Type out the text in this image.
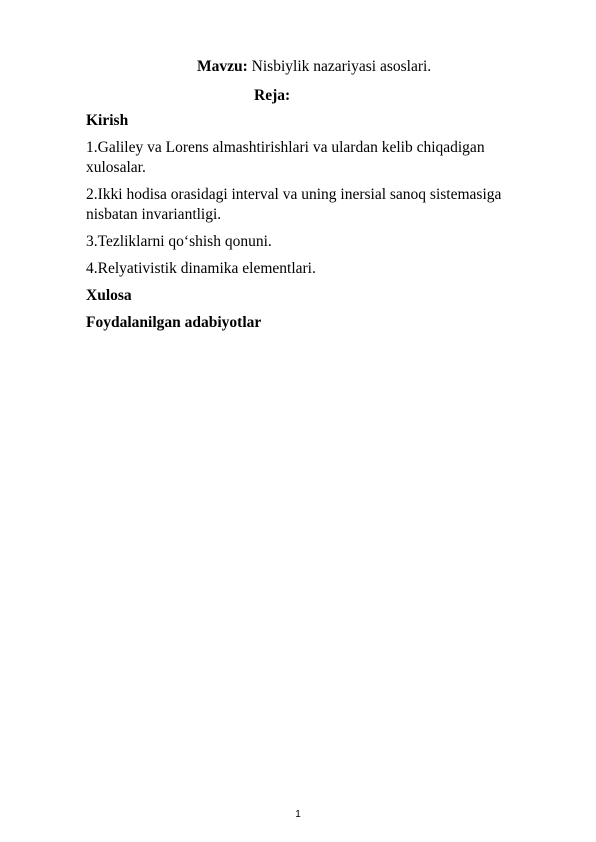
Mavzu: Nisbiylik nazariyasi asoslari.
Reja:
Kirish
1.Galiley va Lorens almashtirishlari va ulardan kelib chiqadigan xulosalar.
2.Ikki hodisa orasidagi interval va uning inersial sanoq sistemasiga nisbatan invariantligi.
3.Tezliklarni qo‘shish qonuni.
4.Relyativistik dinamika elementlari.
Xulosa
Foydalanilgan adabiyotlar
1
